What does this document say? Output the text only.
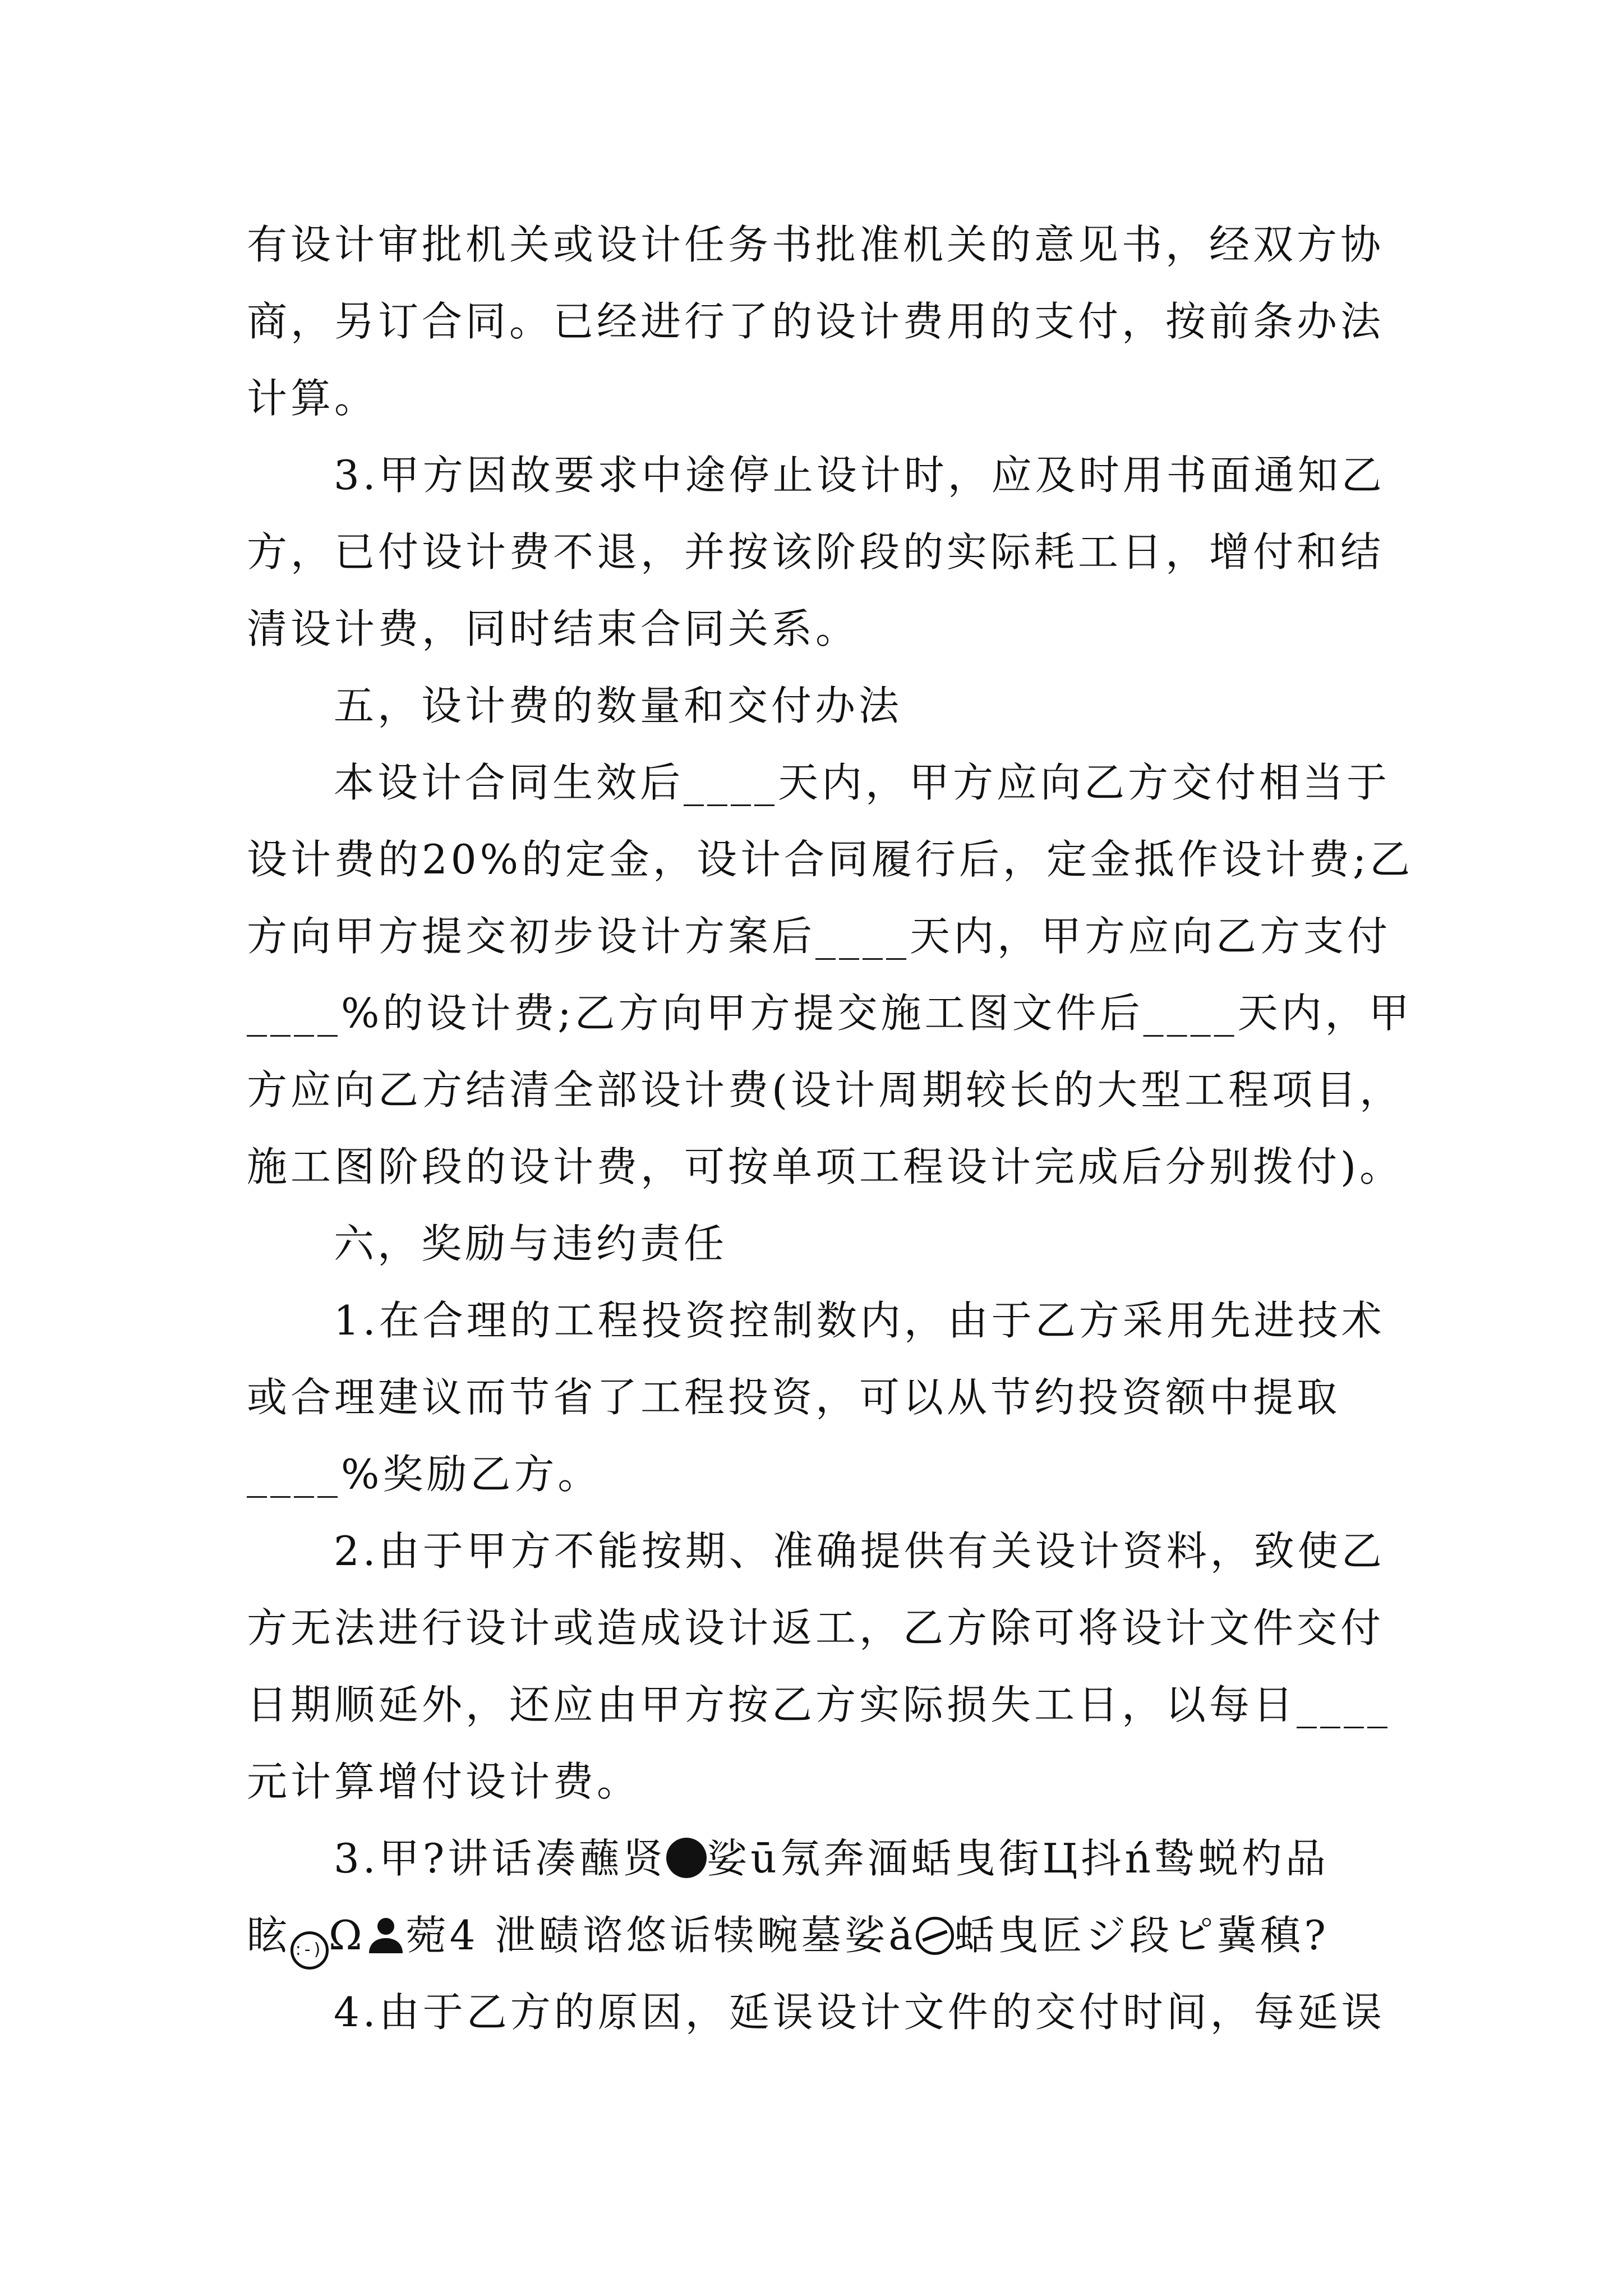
有设计审批机关或设计任务书批准机关的意见书，经双方协
商，另订合同。已经进行了的设计费用的支付，按前条办法
计算。
3.甲方因故要求中途停止设计时，应及时用书面通知乙
方，已付设计费不退，并按该阶段的实际耗工日，增付和结
清设计费，同时结束合同关系。
五，设计费的数量和交付办法
本设计合同生效后____天内，甲方应向乙方交付相当于
设计费的20%的定金，设计合同履行后，定金抵作设计费;乙
方向甲方提交初步设计方案后____天内，甲方应向乙方支付
____%的设计费;乙方向甲方提交施工图文件后____天内，甲
方应向乙方结清全部设计费(设计周期较长的大型工程项目，
施工图阶段的设计费，可按单项工程设计完成后分别拨付)。
六，奖励与违约责任
1.在合理的工程投资控制数内，由于乙方采用先进技术
或合理建议而节省了工程投资，可以从节约投资额中提取
____%奖励乙方。
2.由于甲方不能按期、准确提供有关设计资料，致使乙
方无法进行设计或造成设计返工，乙方除可将设计文件交付
日期顺延外，还应由甲方按乙方实际损失工日，以每日____
元计算增付设计费。
3.甲?讲话凑蘸贤 娑ū氖奔湎蛞曳街Ц抖ń鸷蜕杓品
眩 :-) Ω 菀4 泄赜谘悠诟犊畹墓娑ǎ 蛞曳匠ジ段ピ冀稹?
4.由于乙方的原因，延误设计文件的交付时间，每延误
